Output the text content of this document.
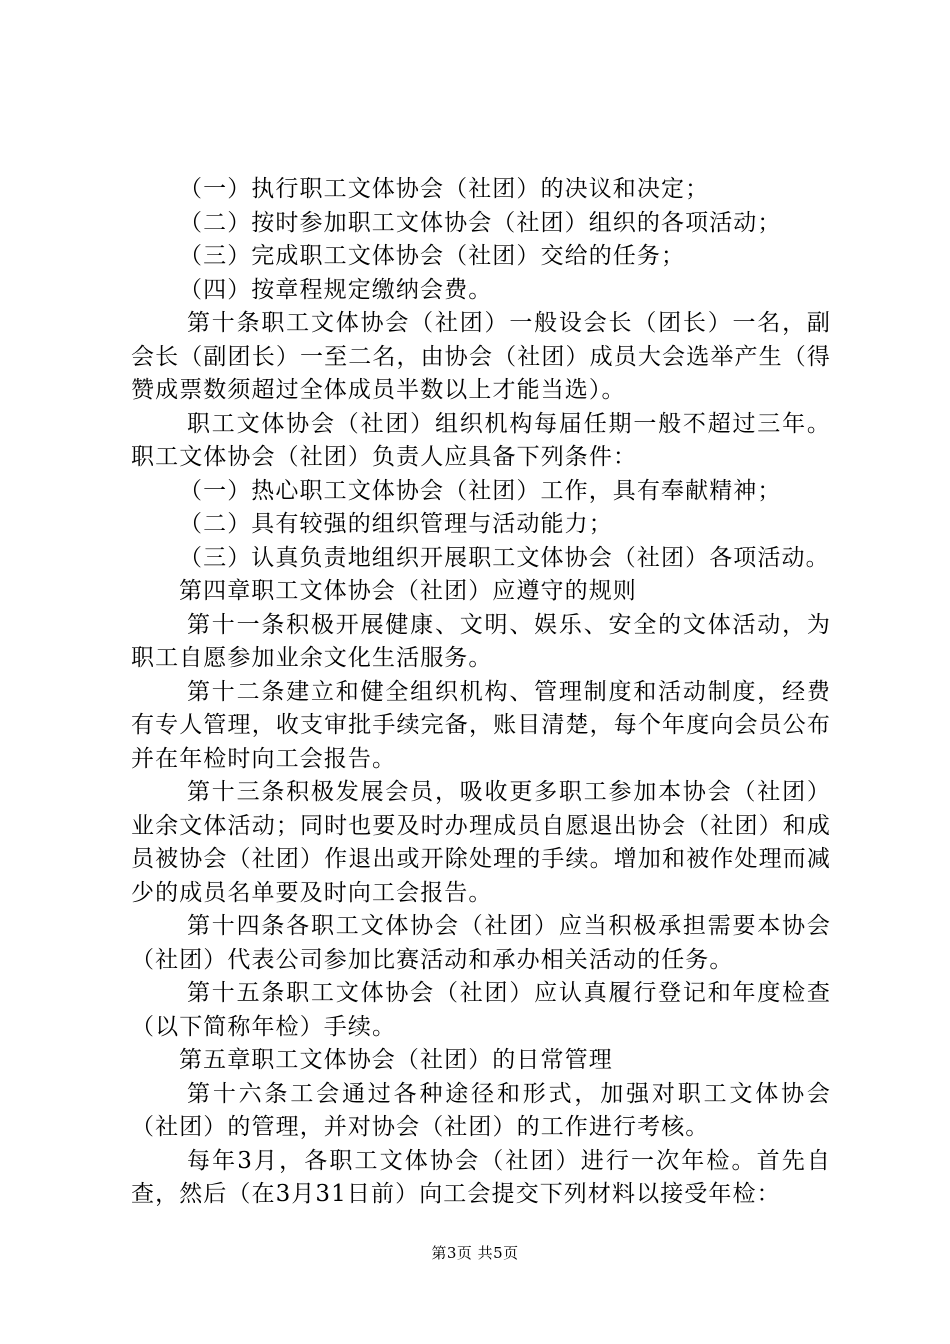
（一）执行职工文体协会（社团）的决议和决定；

（二）按时参加职工文体协会（社团）组织的各项活动；

（三）完成职工文体协会（社团）交给的任务；

（四）按章程规定缴纳会费。

第十条职工文体协会（社团）一般设会长（团长）一名，副会长（副团长）一至二名，由协会（社团）成员大会选举产生（得赞成票数须超过全体成员半数以上才能当选）。

职工文体协会（社团）组织机构每届任期一般不超过三年。职工文体协会（社团）负责人应具备下列条件：

（一）热心职工文体协会（社团）工作，具有奉献精神；

（二）具有较强的组织管理与活动能力；

（三）认真负责地组织开展职工文体协会（社团）各项活动。

第四章职工文体协会（社团）应遵守的规则

第十一条积极开展健康、文明、娱乐、安全的文体活动，为职工自愿参加业余文化生活服务。

第十二条建立和健全组织机构、管理制度和活动制度，经费有专人管理，收支审批手续完备，账目清楚，每个年度向会员公布并在年检时向工会报告。

第十三条积极发展会员，吸收更多职工参加本协会（社团）业余文体活动；同时也要及时办理成员自愿退出协会（社团）和成员被协会（社团）作退出或开除处理的手续。增加和被作处理而减少的成员名单要及时向工会报告。

第十四条各职工文体协会（社团）应当积极承担需要本协会（社团）代表公司参加比赛活动和承办相关活动的任务。

第十五条职工文体协会（社团）应认真履行登记和年度检查（以下简称年检）手续。

第五章职工文体协会（社团）的日常管理

第十六条工会通过各种途径和形式，加强对职工文体协会（社团）的管理，并对协会（社团）的工作进行考核。

每年3月，各职工文体协会（社团）进行一次年检。首先自查，然后（在3月31日前）向工会提交下列材料以接受年检：

第3页 共5页
